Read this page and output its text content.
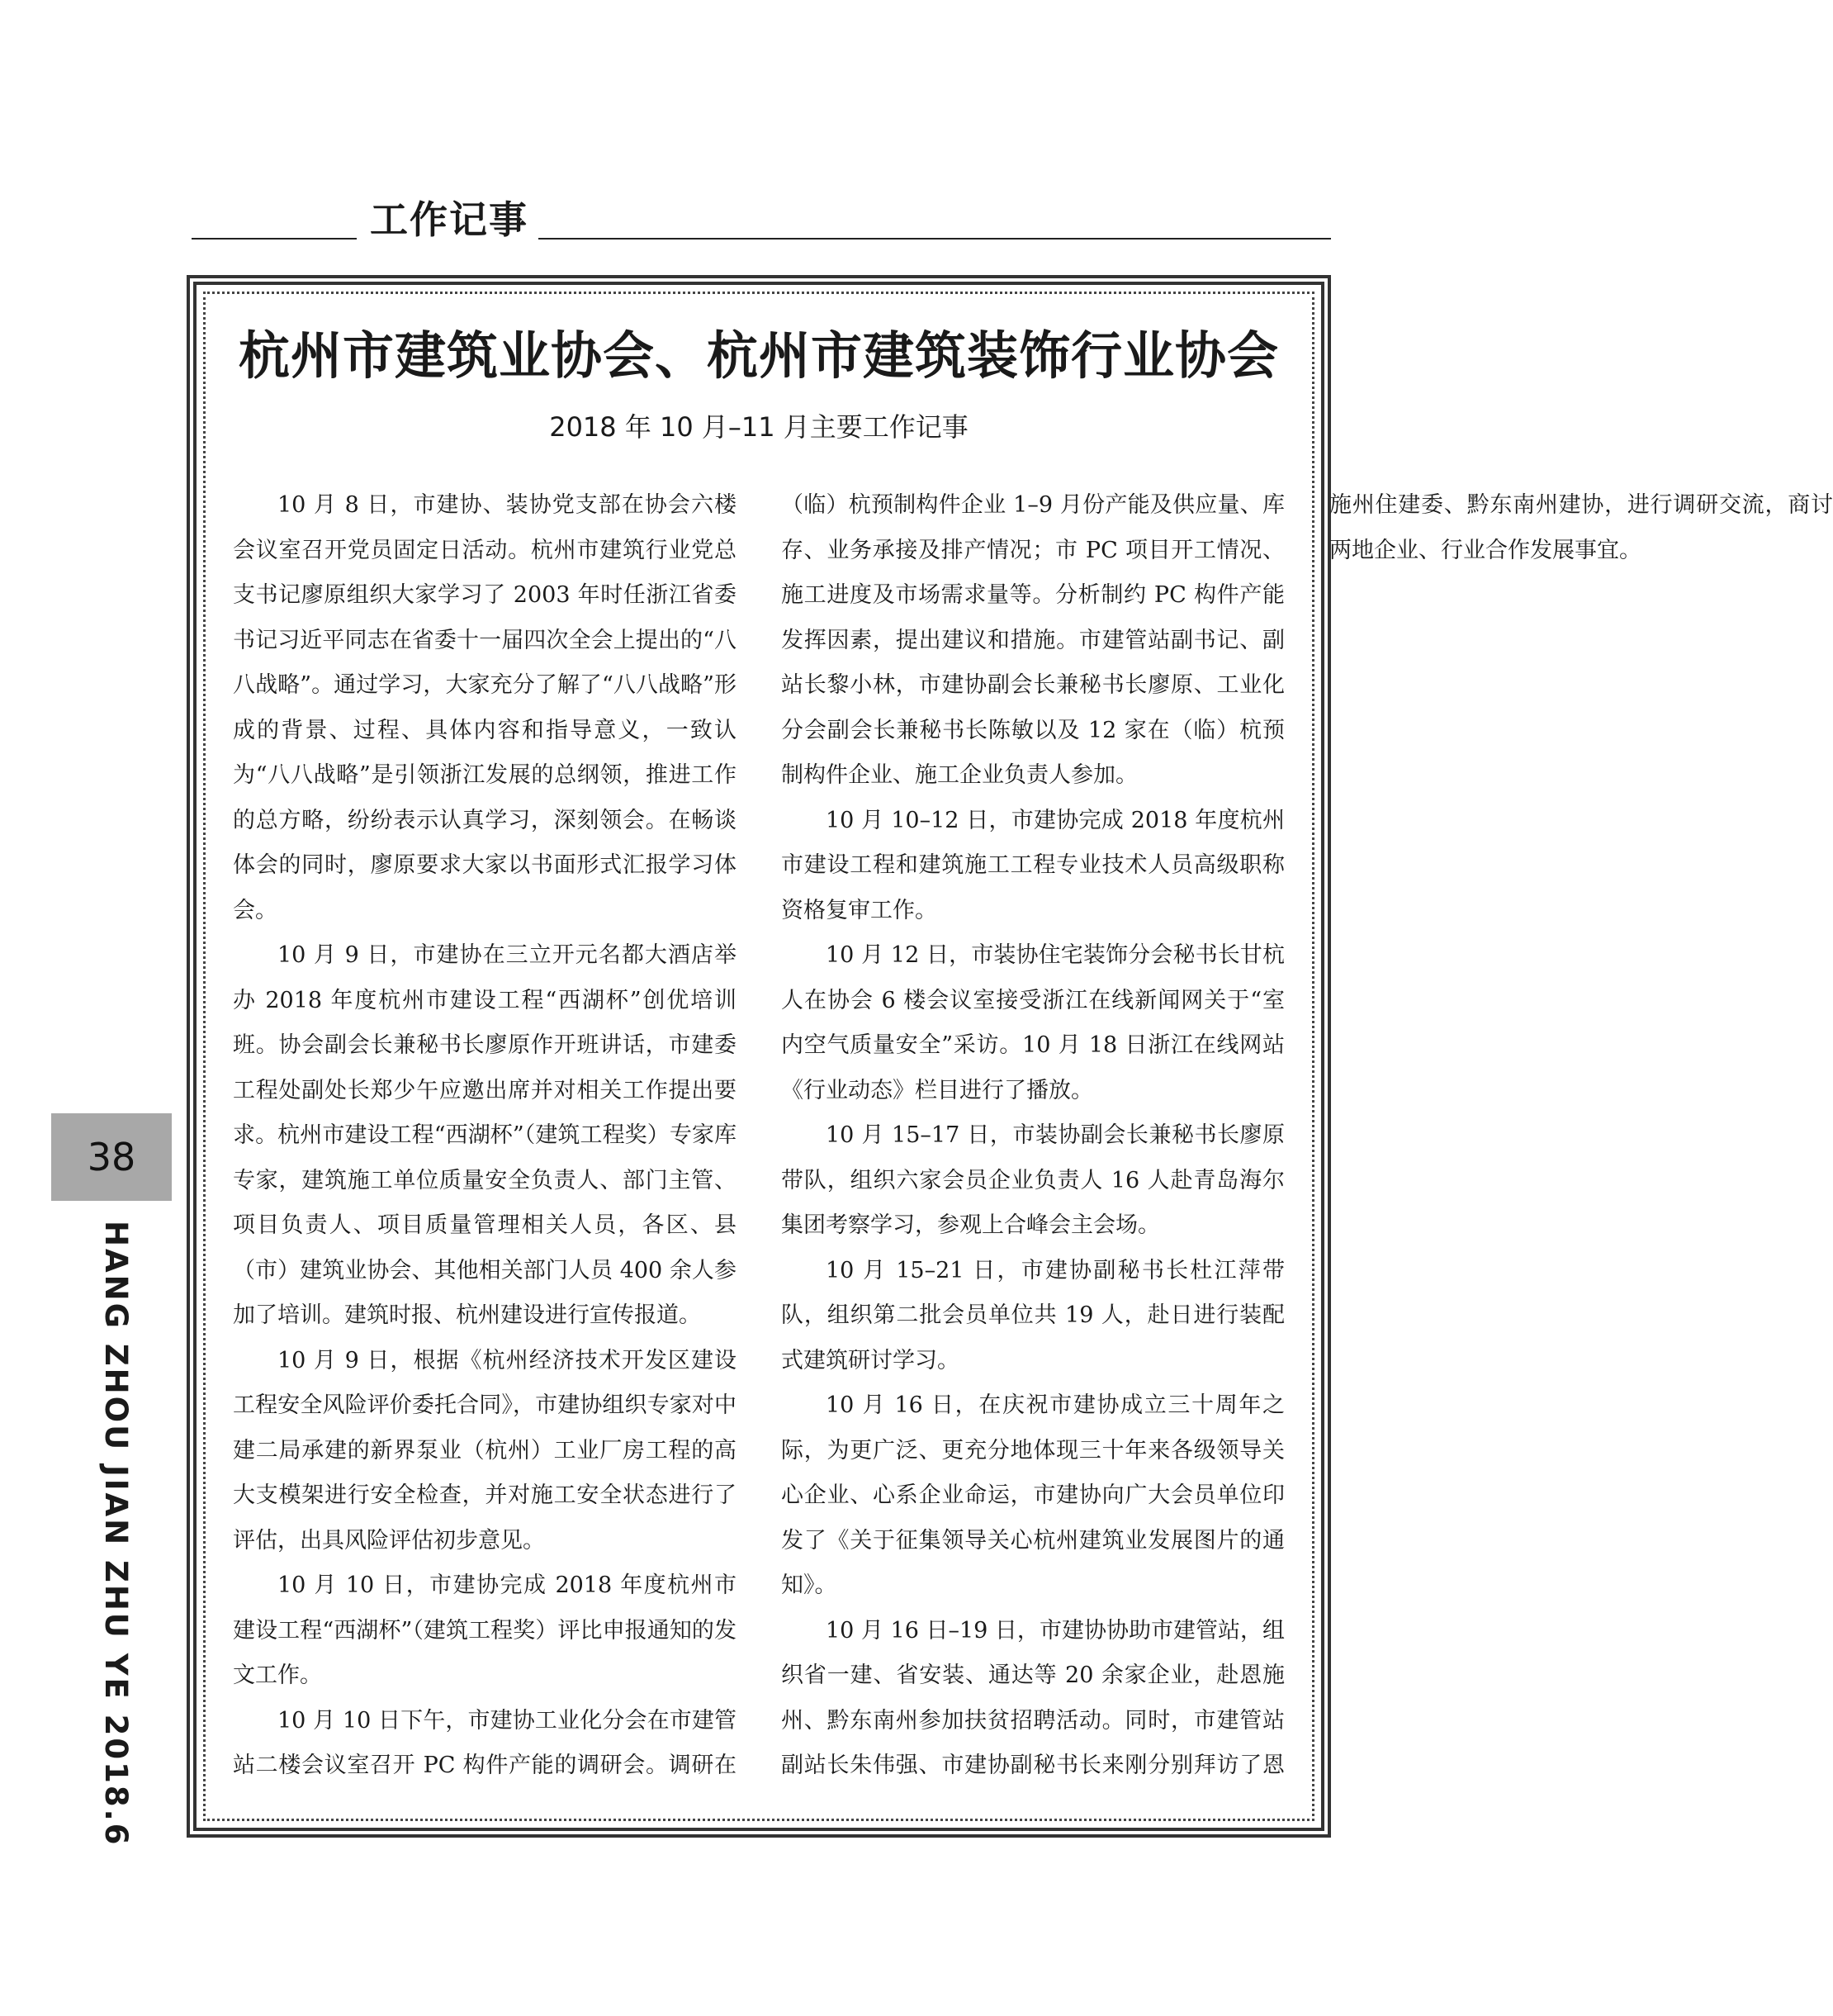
工作记事
杭州市建筑业协会、杭州市建筑装饰行业协会
2018 年 10 月–11 月主要工作记事

10 月 8 日，市建协、装协党支部在协会六楼会议室召开党员固定日活动。杭州市建筑行业党总支书记廖原组织大家学习了 2003 年时任浙江省委书记习近平同志在省委十一届四次全会上提出的“八八战略”。通过学习，大家充分了解了“八八战略”形成的背景、过程、具体内容和指导意义，一致认为“八八战略”是引领浙江发展的总纲领，推进工作的总方略，纷纷表示认真学习，深刻领会。在畅谈体会的同时，廖原要求大家以书面形式汇报学习体会。

10 月 9 日，市建协在三立开元名都大酒店举办 2018 年度杭州市建设工程“西湖杯”创优培训班。协会副会长兼秘书长廖原作开班讲话，市建委工程处副处长郑少午应邀出席并对相关工作提出要求。杭州市建设工程“西湖杯”（建筑工程奖）专家库专家，建筑施工单位质量安全负责人、部门主管、项目负责人、项目质量管理相关人员，各区、县（市）建筑业协会、其他相关部门人员 400 余人参加了培训。建筑时报、杭州建设进行宣传报道。

10 月 9 日，根据《杭州经济技术开发区建设工程安全风险评价委托合同》，市建协组织专家对中建二局承建的新界泵业（杭州）工业厂房工程的高大支模架进行安全检查，并对施工安全状态进行了评估，出具风险评估初步意见。

10 月 10 日，市建协完成 2018 年度杭州市建设工程“西湖杯”（建筑工程奖）评比申报通知的发文工作。

10 月 10 日下午，市建协工业化分会在市建管站二楼会议室召开 PC 构件产能的调研会。调研在（临）杭预制构件企业 1–9 月份产能及供应量、库存、业务承接及排产情况；市 PC 项目开工情况、施工进度及市场需求量等。分析制约 PC 构件产能发挥因素，提出建议和措施。市建管站副书记、副站长黎小林，市建协副会长兼秘书长廖原、工业化分会副会长兼秘书长陈敏以及 12 家在（临）杭预制构件企业、施工企业负责人参加。

10 月 10–12 日，市建协完成 2018 年度杭州市建设工程和建筑施工工程专业技术人员高级职称资格复审工作。

10 月 12 日，市装协住宅装饰分会秘书长甘杭人在协会 6 楼会议室接受浙江在线新闻网关于“室内空气质量安全”采访。10 月 18 日浙江在线网站《行业动态》栏目进行了播放。

10 月 15–17 日，市装协副会长兼秘书长廖原带队，组织六家会员企业负责人 16 人赴青岛海尔集团考察学习，参观上合峰会主会场。

10 月 15–21 日，市建协副秘书长杜江萍带队，组织第二批会员单位共 19 人，赴日进行装配式建筑研讨学习。

10 月 16 日，在庆祝市建协成立三十周年之际，为更广泛、更充分地体现三十年来各级领导关心企业、心系企业命运，市建协向广大会员单位印发了《关于征集领导关心杭州建筑业发展图片的通知》。

10 月 16 日–19 日，市建协协助市建管站，组织省一建、省安装、通达等 20 余家企业，赴恩施州、黔东南州参加扶贫招聘活动。同时，市建管站副站长朱伟强、市建协副秘书长来刚分别拜访了恩施州住建委、黔东南州建协，进行调研交流，商讨两地企业、行业合作发展事宜。

38
HANG ZHOU JIAN ZHU YE 2018.6
